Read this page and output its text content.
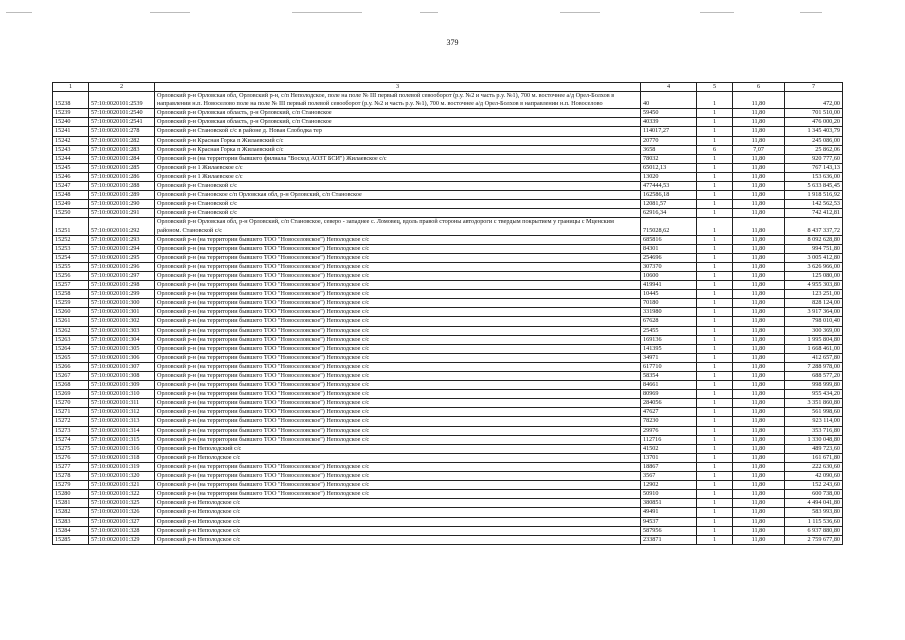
379
1	2	3	4	5	6	7
15238	57:10:0020101:2539	Орловский р-н Орловская обл, Орловский р-н, с/п Неполодское, поле на поле № III первый полевой севооборот (р.у. №2 и часть р.у. №1), 700 м. восточнее а/д Орел-Болхов в направлении н.п. Новоселово поле на поле № III первый полевой севооборот (р.у. №2 и часть р.у. №1), 700 м. восточнее а/д Орел-Болхов в направлении н.п. Новоселово	40	1	11,80	472,00
15239	57:10:0020101:2540	Орловский р-н Орловская область, р-н Орловский, с/п Становское	59450	1	11,80	701 510,00
15240	57:10:0020101:2541	Орловский р-н Орловская область, р-н Орловский, с/п Становское	40339	1	11,80	476 000,20
15241	57:10:0020101:278	Орловский р-н Становской с/с в районе д. Новая Слободка тер	114017,27	1	11,80	1 345 403,79
15242	57:10:0020101:282	Орловский р-н Красная Горка п Жилаевский с/с	20770	1	11,80	245 086,00
15243	57:10:0020101:283	Орловский р-н Красная Горка п Жилаевский с/с	3658	6	7,07	25 862,06
15244	57:10:0020101:284	Орловский р-н (на территории бывшего филиала "Восход АОЗТ БСИ") Жилаевское с/с	78032	1	11,80	920 777,60
15245	57:10:0020101:285	Орловский р-н 1 Жилаевское с/с	65012,13	1	11,80	767 143,13
15246	57:10:0020101:286	Орловский р-н 1 Жилаевское с/с	13020	1	11,80	153 636,00
15247	57:10:0020101:288	Орловский р-н Становской с/с	477444,53	1	11,80	5 633 845,45
15248	57:10:0020101:289	Орловский р-н Становское с/п Орловская обл, р-н Орловский, с/п Становское	162586,18	1	11,80	1 918 516,92
15249	57:10:0020101:290	Орловский р-н Становской с/с	12081,57	1	11,80	142 562,53
15250	57:10:0020101:291	Орловский р-н Становской с/с	62916,34	1	11,80	742 412,81
15251	57:10:0020101:292	Орловский р-н Орловская обл, р-н Орловский, с/п Становское, северо - западнее с. Ломовец, вдоль правой стороны автодороги с твердым покрытием у границы с Мценским районом. Становской с/с	715028,62	1	11,80	8 437 337,72
15252	57:10:0020101:293	Орловский р-н (на территории бывшего ТОО "Новоселовское") Неполодское с/с	685816	1	11,80	8 092 628,80
15253	57:10:0020101:294	Орловский р-н (на территории бывшего ТОО "Новоселовское") Неполодское с/с	84301	1	11,80	994 751,80
15254	57:10:0020101:295	Орловский р-н (на территории бывшего ТОО "Новоселовское") Неполодское с/с	254696	1	11,80	3 005 412,80
15255	57:10:0020101:296	Орловский р-н (на территории бывшего ТОО "Новоселовское") Неполодское с/с	307370	1	11,80	3 626 966,00
15256	57:10:0020101:297	Орловский р-н (на территории бывшего ТОО "Новоселовское") Неполодское с/с	10600	1	11,80	125 080,00
15257	57:10:0020101:298	Орловский р-н (на территории бывшего ТОО "Новоселовское") Неполодское с/с	419941	1	11,80	4 955 303,80
15258	57:10:0020101:299	Орловский р-н (на территории бывшего ТОО "Новоселовское") Неполодское с/с	10445	1	11,80	123 251,00
15259	57:10:0020101:300	Орловский р-н (на территории бывшего ТОО "Новоселовское") Неполодское с/с	70180	1	11,80	828 124,00
15260	57:10:0020101:301	Орловский р-н (на территории бывшего ТОО "Новоселовское") Неполодское с/с	331980	1	11,80	3 917 364,00
15261	57:10:0020101:302	Орловский р-н (на территории бывшего ТОО "Новоселовское") Неполодское с/с	67628	1	11,80	798 010,40
15262	57:10:0020101:303	Орловский р-н (на территории бывшего ТОО "Новоселовское") Неполодское с/с	25455	1	11,80	300 369,00
15263	57:10:0020101:304	Орловский р-н (на территории бывшего ТОО "Новоселовское") Неполодское с/с	169136	1	11,80	1 995 804,80
15264	57:10:0020101:305	Орловский р-н (на территории бывшего ТОО "Новоселовское") Неполодское с/с	141395	1	11,80	1 668 461,00
15265	57:10:0020101:306	Орловский р-н (на территории бывшего ТОО "Новоселовское") Неполодское с/с	34971	1	11,80	412 657,80
15266	57:10:0020101:307	Орловский р-н (на территории бывшего ТОО "Новоселовское") Неполодское с/с	617710	1	11,80	7 288 978,00
15267	57:10:0020101:308	Орловский р-н (на территории бывшего ТОО "Новоселовское") Неполодское с/с	58354	1	11,80	688 577,20
15268	57:10:0020101:309	Орловский р-н (на территории бывшего ТОО "Новоселовское") Неполодское с/с	84661	1	11,80	998 999,80
15269	57:10:0020101:310	Орловский р-н (на территории бывшего ТОО "Новоселовское") Неполодское с/с	80969	1	11,80	955 434,20
15270	57:10:0020101:311	Орловский р-н (на территории бывшего ТОО "Новоселовское") Неполодское с/с	284056	1	11,80	3 351 860,80
15271	57:10:0020101:312	Орловский р-н (на территории бывшего ТОО "Новоселовское") Неполодское с/с	47627	1	11,80	561 998,60
15272	57:10:0020101:313	Орловский р-н (на территории бывшего ТОО "Новоселовское") Неполодское с/с	78230	1	11,80	923 114,00
15273	57:10:0020101:314	Орловский р-н (на территории бывшего ТОО "Новоселовское") Неполодское с/с	29976	1	11,80	353 716,80
15274	57:10:0020101:315	Орловский р-н (на территории бывшего ТОО "Новоселовское") Неполодское с/с	112716	1	11,80	1 330 048,80
15275	57:10:0020101:316	Орловский р-н Неполодский с/с	41502	1	11,80	489 723,60
15276	57:10:0020101:318	Орловский р-н Неполодское с/с	13701	1	11,80	161 671,80
15277	57:10:0020101:319	Орловский р-н (на территории бывшего ТОО "Новоселовское") Неполодское с/с	18867	1	11,80	222 630,60
15278	57:10:0020101:320	Орловский р-н (на территории бывшего ТОО "Новоселовское") Неполодское с/с	3567	1	11,80	42 090,60
15279	57:10:0020101:321	Орловский р-н (на территории бывшего ТОО "Новоселовское") Неполодское с/с	12902	1	11,80	152 243,60
15280	57:10:0020101:322	Орловский р-н (на территории бывшего ТОО "Новоселовское") Неполодское с/с	50910	1	11,80	600 738,00
15281	57:10:0020101:325	Орловский р-н Неполодское с/с	380851	1	11,80	4 494 041,80
15282	57:10:0020101:326	Орловский р-н Неполодское с/с	49491	1	11,80	583 993,80
15283	57:10:0020101:327	Орловский р-н Неполодское с/с	94537	1	11,80	1 115 536,60
15284	57:10:0020101:328	Орловский р-н Неполодское с/с	587956	1	11,80	6 937 880,80
15285	57:10:0020101:329	Орловский р-н Неполодское с/с	233871	1	11,80	2 759 677,80
